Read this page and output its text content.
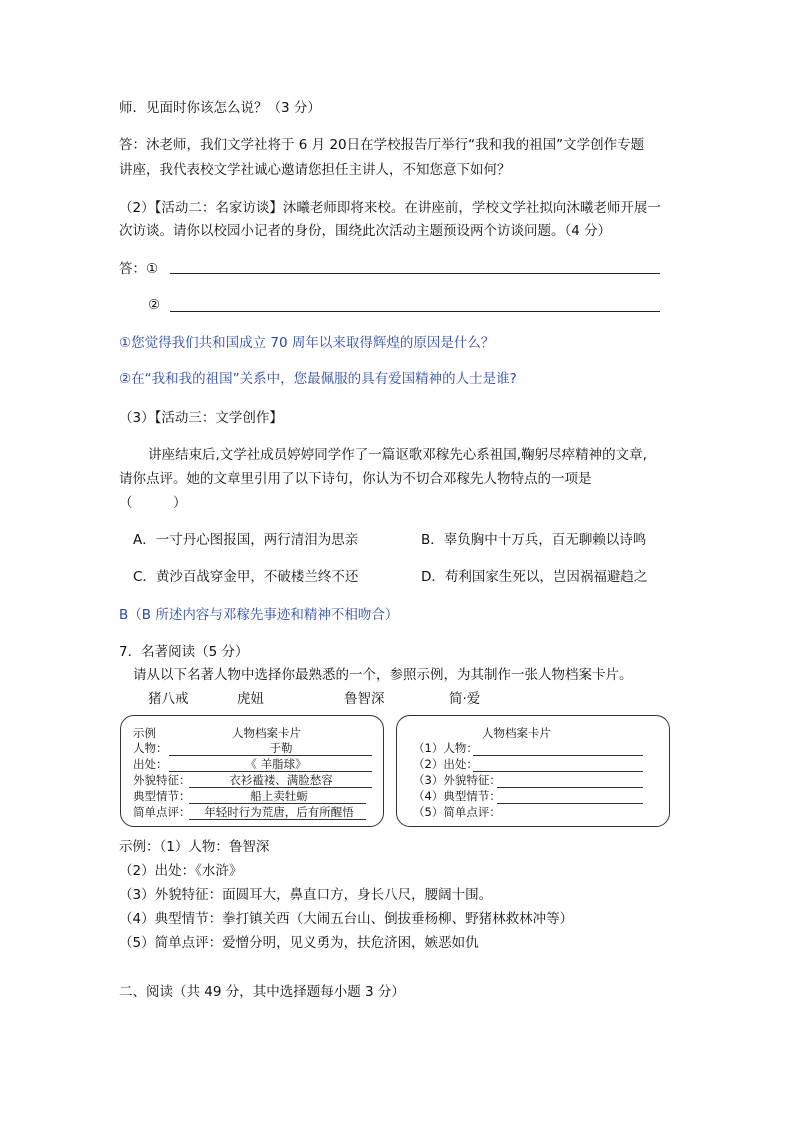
师．见面时你该怎么说？（3 分）
答：沐老师，我们文学社将于 6 月 20日在学校报告厅举行“我和我的祖国”文学创作专题
讲座，我代表校文学社诚心邀请您担任主讲人，不知您意下如何？
（2）【活动二：名家访谈】沐曦老师即将来校。在讲座前，学校文学社拟向沐曦老师开展一
次访谈。请你以校园小记者的身份，围绕此次活动主题预设两个访谈问题。（4 分）
答：①
②
①您觉得我们共和国成立 70 周年以来取得辉煌的原因是什么？
②在“我和我的祖国”关系中，您最佩服的具有爱国精神的人士是谁?
（3）【活动三：文学创作】
讲座结束后,文学社成员婷婷同学作了一篇讴歌邓稼先心系祖国,鞠躬尽瘁精神的文章,
请你点评。她的文章里引用了以下诗句，你认为不切合邓稼先人物特点的一项是
（　　　）
A．一寸丹心图报国，两行清泪为思亲	B．辜负胸中十万兵，百无聊赖以诗鸣
C．黄沙百战穿金甲，不破楼兰终不还	D．苟利国家生死以，岂因祸福避趋之
B（B 所述内容与邓稼先事迹和精神不相吻合）
7．名著阅读（5 分）
请从以下名著人物中选择你最熟悉的一个，参照示例，为其制作一张人物档案卡片。
猪八戒	虎妞	鲁智深	简·爱
示例	人物档案卡片
人物：	于勒
出处：	《 羊脂球》
外貌特征：	衣衫褴褛、满脸愁容
典型情节：	船上卖牡蛎
简单点评：	年轻时行为荒唐，后有所醒悟
人物档案卡片
（1）人物：
（2）出处：
（3）外貌特征：
（4）典型情节：
（5）简单点评：
示例：（1）人物：鲁智深
（2）出处：《水浒》
（3）外貌特征：面圆耳大，鼻直口方，身长八尺，腰阔十围。
（4）典型情节：拳打镇关西（大闹五台山、倒拔垂杨柳、野猪林救林冲等）
（5）简单点评：爱憎分明，见义勇为，扶危济困，嫉恶如仇
二、阅读（共 49 分，其中选择题每小题 3 分）
